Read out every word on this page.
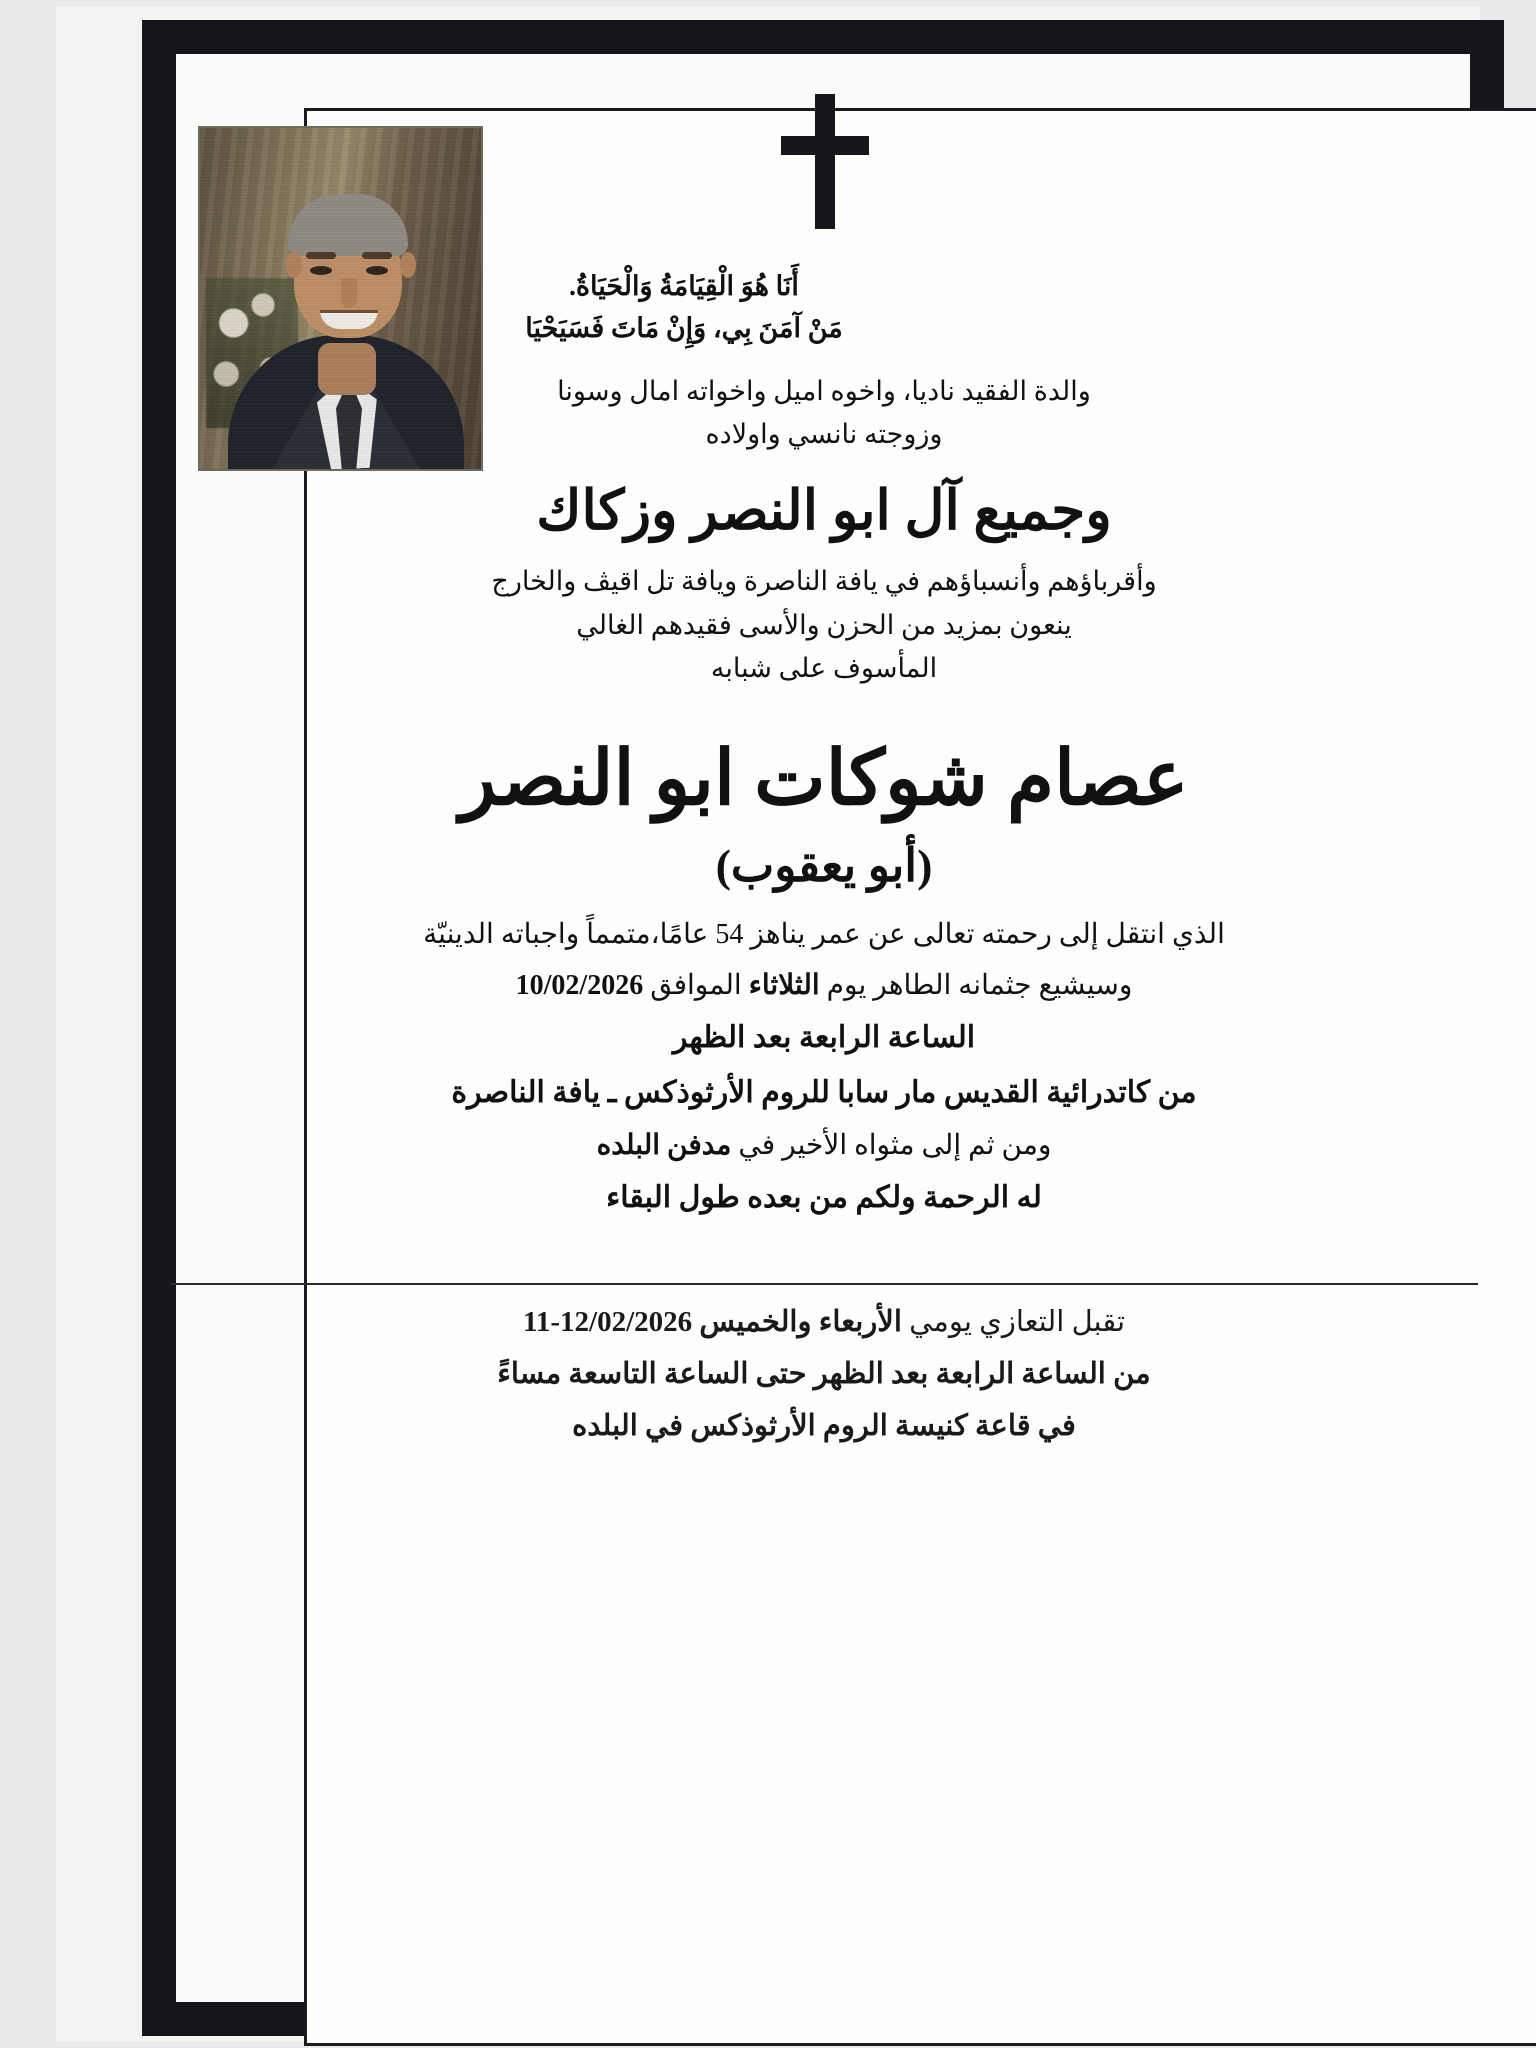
أَنَا هُوَ الْقِيَامَةُ وَالْحَيَاةُ.
مَنْ آمَنَ بِي، وَإِنْ مَاتَ فَسَيَحْيَا
والدة الفقيد ناديا، واخوه اميل واخواته امال وسونا
وزوجته نانسي واولاده
وجميع آل ابو النصر وزكاك
وأقرباؤهم وأنسباؤهم في يافة الناصرة ويافة تل اقيڤ والخارج
ينعون بمزيد من الحزن والأسى فقيدهم الغالي
المأسوف على شبابه
عصام شوكات ابو النصر
(أبو يعقوب)
الذي انتقل إلى رحمته تعالى عن عمر يناهز 54 عامًا،متمماً واجباته الدينيّة
وسيشيع جثمانه الطاهر يوم الثلاثاء الموافق 10/02/2026
الساعة الرابعة بعد الظهر
من كاتدرائية القديس مار سابا للروم الأرثوذكس ـ يافة الناصرة
ومن ثم إلى مثواه الأخير في مدفن البلده
له الرحمة ولكم من بعده طول البقاء
تقبل التعازي يومي الأربعاء والخميس 11-12/02/2026
من الساعة الرابعة بعد الظهر حتى الساعة التاسعة مساءً
في قاعة كنيسة الروم الأرثوذكس في البلده
